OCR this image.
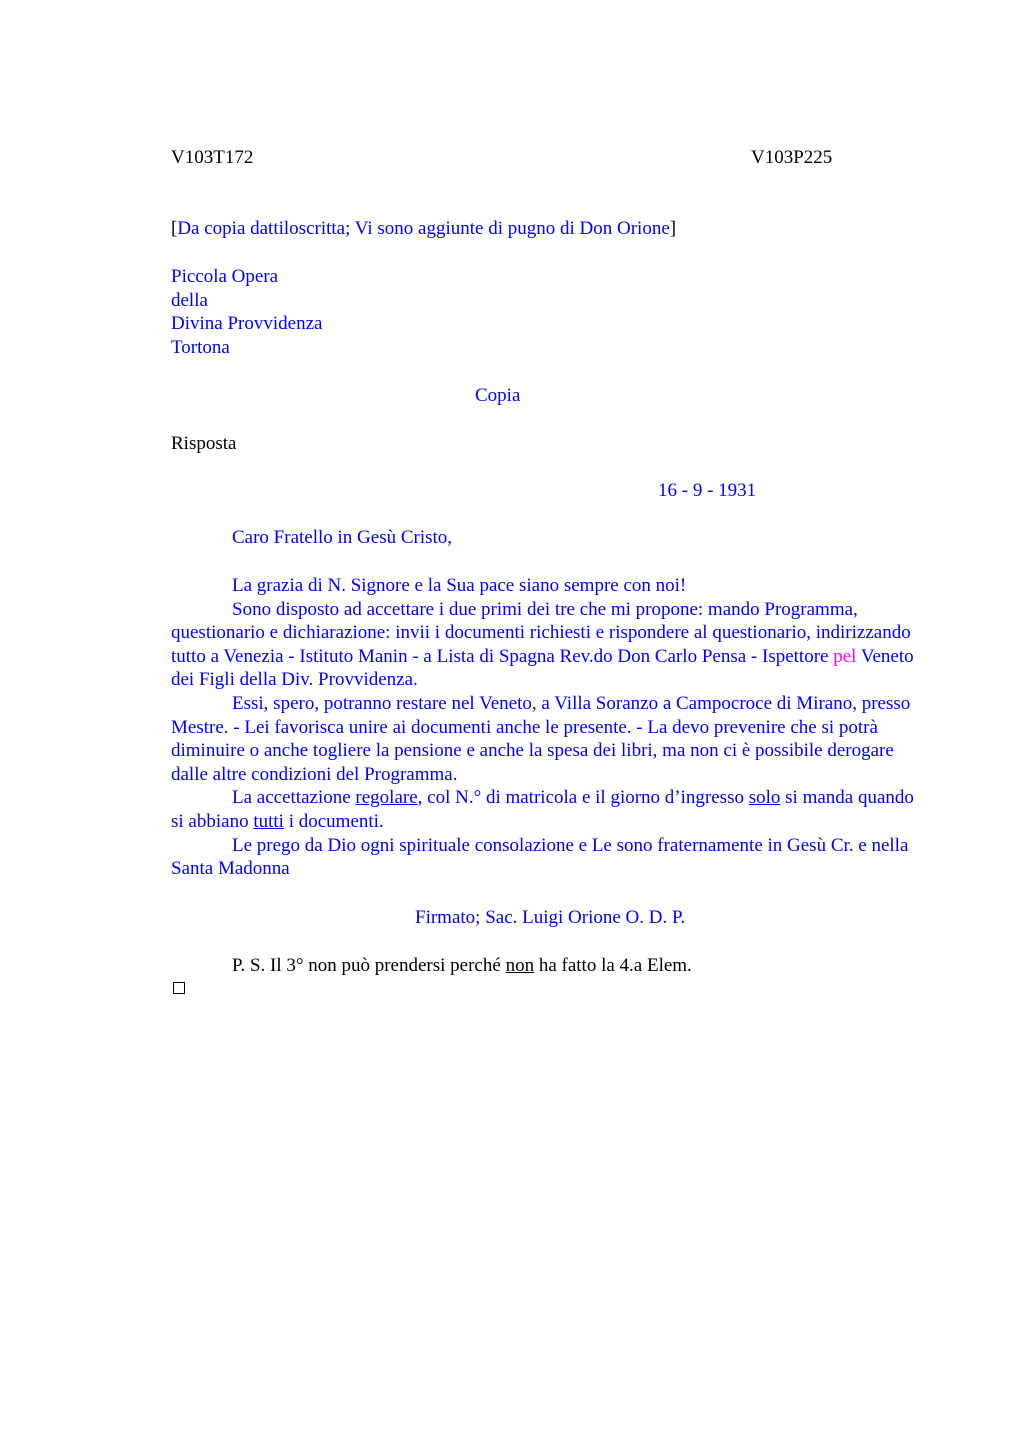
V103T172	V103P225
[Da copia dattiloscritta; Vi sono aggiunte di pugno di Don Orione]
Piccola Opera
della
Divina Provvidenza
Tortona
Copia
Risposta
16 - 9 - 1931
Caro Fratello in Gesù Cristo,

La grazia di N. Signore e la Sua pace siano sempre con noi!

Sono disposto ad accettare i due primi dei tre che mi propone: mando Programma, questionario e dichiarazione: invii i documenti richiesti e rispondere al questionario, indirizzando tutto a Venezia - Istituto Manin - a Lista di Spagna Rev.do Don Carlo Pensa - Ispettore pel Veneto dei Figli della Div. Provvidenza.

Essi, spero, potranno restare nel Veneto, a Villa Soranzo a Campocroce di Mirano, presso Mestre. - Lei favorisca unire ai documenti anche le presente. - La devo prevenire che si potrà diminuire o anche togliere la pensione e anche la spesa dei libri, ma non ci è possibile derogare dalle altre condizioni del Programma.

La accettazione regolare, col N.° di matricola e il giorno d’ingresso solo si manda quando si abbiano tutti i documenti.

Le prego da Dio ogni spirituale consolazione e Le sono fraternamente in Gesù Cr. e nella Santa Madonna

Firmato; Sac. Luigi Orione O. D. P.
P. S. Il 3° non può prendersi perché non ha fatto la 4.a Elem.
